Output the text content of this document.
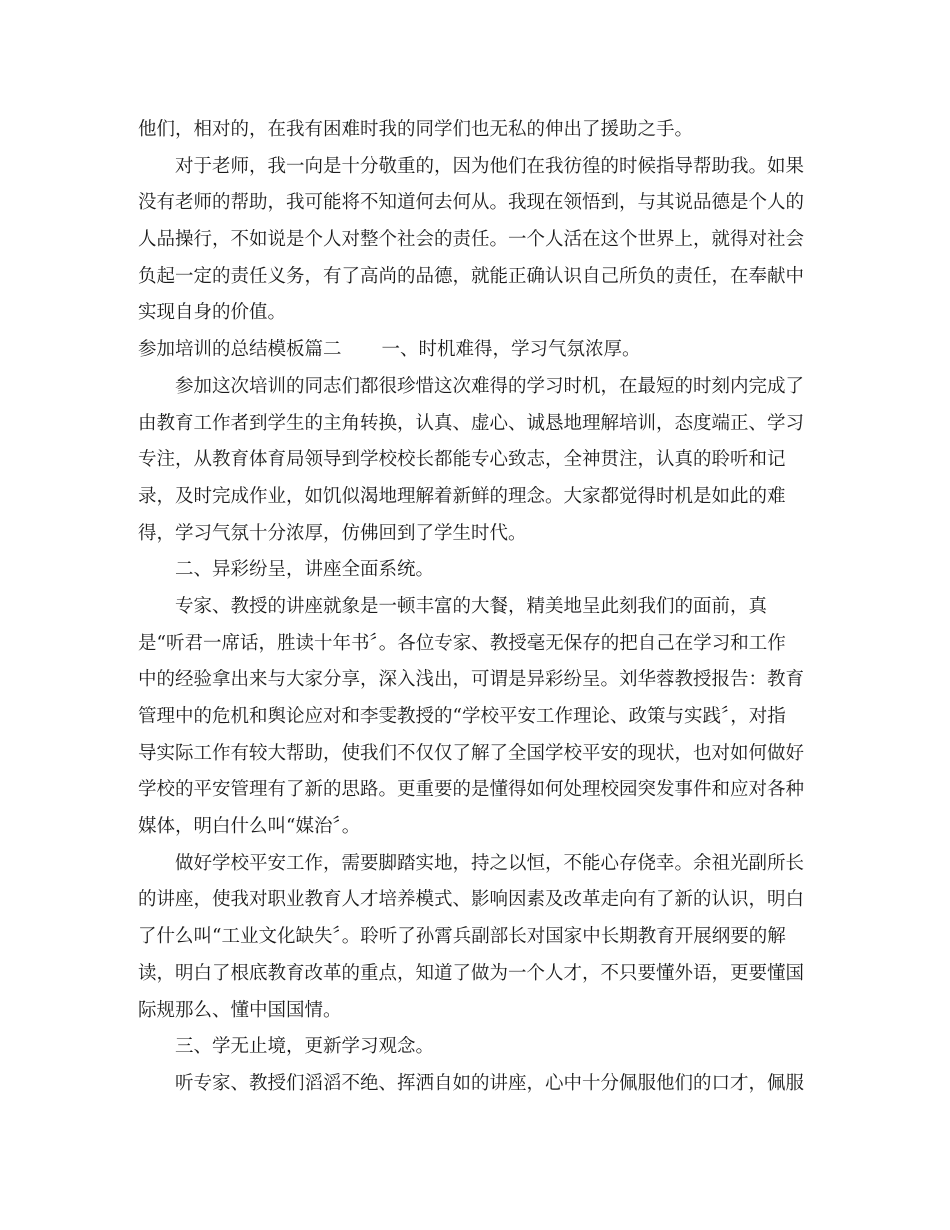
他们，相对的，在我有困难时我的同学们也无私的伸出了援助之手。

对于老师，我一向是十分敬重的，因为他们在我彷徨的时候指导帮助我。如果

没有老师的帮助，我可能将不知道何去何从。我现在领悟到，与其说品德是个人的

人品操行，不如说是个人对整个社会的责任。一个人活在这个世界上，就得对社会

负起一定的责任义务，有了高尚的品德，就能正确认识自己所负的责任，在奉献中

实现自身的价值。

参加培训的总结模板篇二 一、时机难得，学习气氛浓厚。

参加这次培训的同志们都很珍惜这次难得的学习时机，在最短的时刻内完成了

由教育工作者到学生的主角转换，认真、虚心、诚恳地理解培训，态度端正、学习

专注，从教育体育局领导到学校校长都能专心致志，全神贯注，认真的聆听和记

录，及时完成作业，如饥似渴地理解着新鲜的理念。大家都觉得时机是如此的难

得，学习气氛十分浓厚，仿佛回到了学生时代。

二、异彩纷呈，讲座全面系统。

专家、教授的讲座就象是一顿丰富的大餐，精美地呈此刻我们的面前，真

是“听君一席话，胜读十年书〞。各位专家、教授毫无保存的把自己在学习和工作

中的经验拿出来与大家分享，深入浅出，可谓是异彩纷呈。刘华蓉教授报告：教育

管理中的危机和舆论应对和李雯教授的“学校平安工作理论、政策与实践〞，对指

导实际工作有较大帮助，使我们不仅仅了解了全国学校平安的现状，也对如何做好

学校的平安管理有了新的思路。更重要的是懂得如何处理校园突发事件和应对各种

媒体，明白什么叫“媒治〞。

做好学校平安工作，需要脚踏实地，持之以恒，不能心存侥幸。余祖光副所长

的讲座，使我对职业教育人才培养模式、影响因素及改革走向有了新的认识，明白

了什么叫“工业文化缺失〞。聆听了孙霄兵副部长对国家中长期教育开展纲要的解

读，明白了根底教育改革的重点，知道了做为一个人才，不只要懂外语，更要懂国

际规那么、懂中国国情。

三、学无止境，更新学习观念。

听专家、教授们滔滔不绝、挥洒自如的讲座，心中十分佩服他们的口才，佩服
